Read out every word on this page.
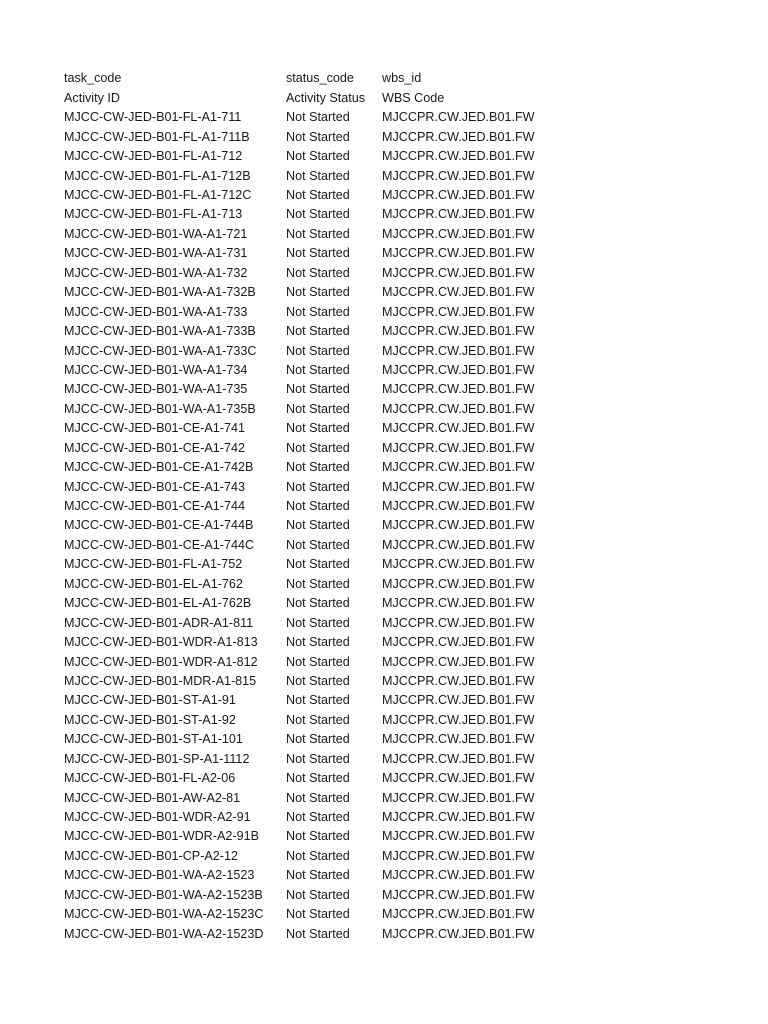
task_code	status_code	wbs_id
Activity ID	Activity Status	WBS Code
MJCC-CW-JED-B01-FL-A1-711	Not Started	MJCCPR.CW.JED.B01.FW
MJCC-CW-JED-B01-FL-A1-711B	Not Started	MJCCPR.CW.JED.B01.FW
MJCC-CW-JED-B01-FL-A1-712	Not Started	MJCCPR.CW.JED.B01.FW
MJCC-CW-JED-B01-FL-A1-712B	Not Started	MJCCPR.CW.JED.B01.FW
MJCC-CW-JED-B01-FL-A1-712C	Not Started	MJCCPR.CW.JED.B01.FW
MJCC-CW-JED-B01-FL-A1-713	Not Started	MJCCPR.CW.JED.B01.FW
MJCC-CW-JED-B01-WA-A1-721	Not Started	MJCCPR.CW.JED.B01.FW
MJCC-CW-JED-B01-WA-A1-731	Not Started	MJCCPR.CW.JED.B01.FW
MJCC-CW-JED-B01-WA-A1-732	Not Started	MJCCPR.CW.JED.B01.FW
MJCC-CW-JED-B01-WA-A1-732B	Not Started	MJCCPR.CW.JED.B01.FW
MJCC-CW-JED-B01-WA-A1-733	Not Started	MJCCPR.CW.JED.B01.FW
MJCC-CW-JED-B01-WA-A1-733B	Not Started	MJCCPR.CW.JED.B01.FW
MJCC-CW-JED-B01-WA-A1-733C	Not Started	MJCCPR.CW.JED.B01.FW
MJCC-CW-JED-B01-WA-A1-734	Not Started	MJCCPR.CW.JED.B01.FW
MJCC-CW-JED-B01-WA-A1-735	Not Started	MJCCPR.CW.JED.B01.FW
MJCC-CW-JED-B01-WA-A1-735B	Not Started	MJCCPR.CW.JED.B01.FW
MJCC-CW-JED-B01-CE-A1-741	Not Started	MJCCPR.CW.JED.B01.FW
MJCC-CW-JED-B01-CE-A1-742	Not Started	MJCCPR.CW.JED.B01.FW
MJCC-CW-JED-B01-CE-A1-742B	Not Started	MJCCPR.CW.JED.B01.FW
MJCC-CW-JED-B01-CE-A1-743	Not Started	MJCCPR.CW.JED.B01.FW
MJCC-CW-JED-B01-CE-A1-744	Not Started	MJCCPR.CW.JED.B01.FW
MJCC-CW-JED-B01-CE-A1-744B	Not Started	MJCCPR.CW.JED.B01.FW
MJCC-CW-JED-B01-CE-A1-744C	Not Started	MJCCPR.CW.JED.B01.FW
MJCC-CW-JED-B01-FL-A1-752	Not Started	MJCCPR.CW.JED.B01.FW
MJCC-CW-JED-B01-EL-A1-762	Not Started	MJCCPR.CW.JED.B01.FW
MJCC-CW-JED-B01-EL-A1-762B	Not Started	MJCCPR.CW.JED.B01.FW
MJCC-CW-JED-B01-ADR-A1-811	Not Started	MJCCPR.CW.JED.B01.FW
MJCC-CW-JED-B01-WDR-A1-813	Not Started	MJCCPR.CW.JED.B01.FW
MJCC-CW-JED-B01-WDR-A1-812	Not Started	MJCCPR.CW.JED.B01.FW
MJCC-CW-JED-B01-MDR-A1-815	Not Started	MJCCPR.CW.JED.B01.FW
MJCC-CW-JED-B01-ST-A1-91	Not Started	MJCCPR.CW.JED.B01.FW
MJCC-CW-JED-B01-ST-A1-92	Not Started	MJCCPR.CW.JED.B01.FW
MJCC-CW-JED-B01-ST-A1-101	Not Started	MJCCPR.CW.JED.B01.FW
MJCC-CW-JED-B01-SP-A1-1112	Not Started	MJCCPR.CW.JED.B01.FW
MJCC-CW-JED-B01-FL-A2-06	Not Started	MJCCPR.CW.JED.B01.FW
MJCC-CW-JED-B01-AW-A2-81	Not Started	MJCCPR.CW.JED.B01.FW
MJCC-CW-JED-B01-WDR-A2-91	Not Started	MJCCPR.CW.JED.B01.FW
MJCC-CW-JED-B01-WDR-A2-91B	Not Started	MJCCPR.CW.JED.B01.FW
MJCC-CW-JED-B01-CP-A2-12	Not Started	MJCCPR.CW.JED.B01.FW
MJCC-CW-JED-B01-WA-A2-1523	Not Started	MJCCPR.CW.JED.B01.FW
MJCC-CW-JED-B01-WA-A2-1523B	Not Started	MJCCPR.CW.JED.B01.FW
MJCC-CW-JED-B01-WA-A2-1523C	Not Started	MJCCPR.CW.JED.B01.FW
MJCC-CW-JED-B01-WA-A2-1523D	Not Started	MJCCPR.CW.JED.B01.FW
